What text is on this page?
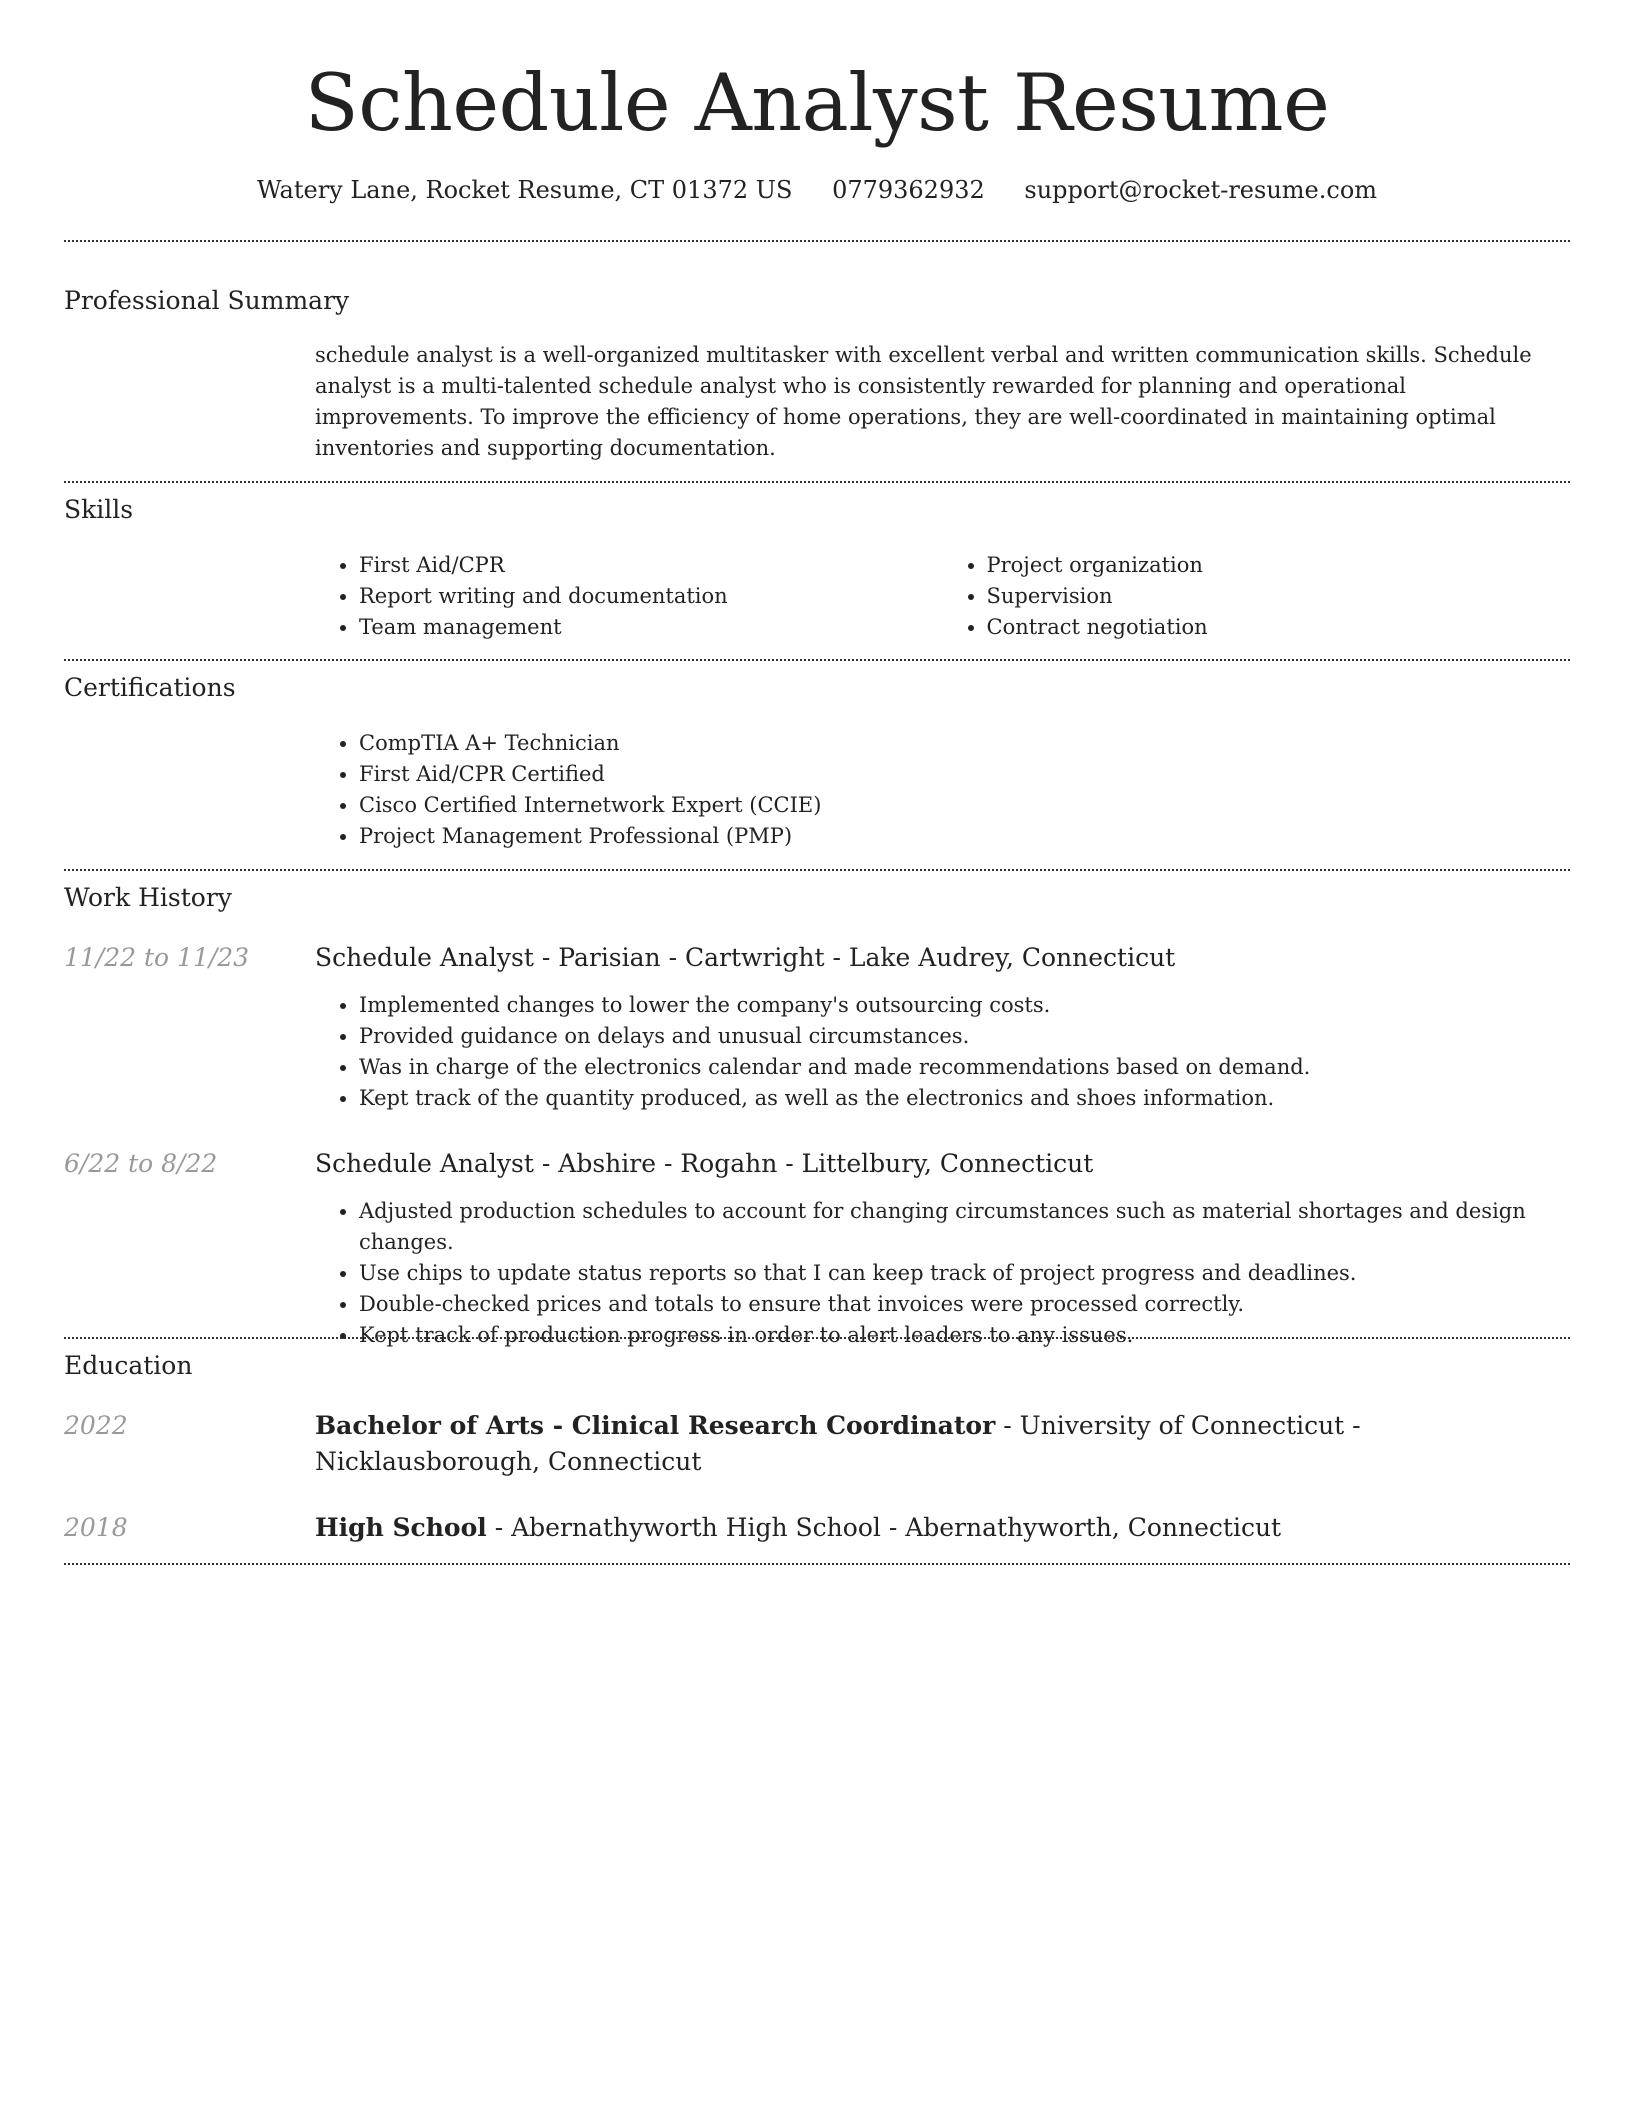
Schedule Analyst Resume
Watery Lane, Rocket Resume, CT 01372 US 0779362932 support@rocket-resume.com
Professional Summary
schedule analyst is a well-organized multitasker with excellent verbal and written communication skills. Schedule analyst is a multi-talented schedule analyst who is consistently rewarded for planning and operational improvements. To improve the efficiency of home operations, they are well-coordinated in maintaining optimal inventories and supporting documentation.
Skills
• First Aid/CPR
• Report writing and documentation
• Team management
• Project organization
• Supervision
• Contract negotiation
Certifications
• CompTIA A+ Technician
• First Aid/CPR Certified
• Cisco Certified Internetwork Expert (CCIE)
• Project Management Professional (PMP)
Work History
11/22 to 11/23	Schedule Analyst - Parisian - Cartwright - Lake Audrey, Connecticut
• Implemented changes to lower the company's outsourcing costs.
• Provided guidance on delays and unusual circumstances.
• Was in charge of the electronics calendar and made recommendations based on demand.
• Kept track of the quantity produced, as well as the electronics and shoes information.
6/22 to 8/22	Schedule Analyst - Abshire - Rogahn - Littelbury, Connecticut
• Adjusted production schedules to account for changing circumstances such as material shortages and design changes.
• Use chips to update status reports so that I can keep track of project progress and deadlines.
• Double-checked prices and totals to ensure that invoices were processed correctly.
• Kept track of production progress in order to alert leaders to any issues.
Education
2022	Bachelor of Arts - Clinical Research Coordinator - University of Connecticut - Nicklausborough, Connecticut
2018	High School - Abernathyworth High School - Abernathyworth, Connecticut
